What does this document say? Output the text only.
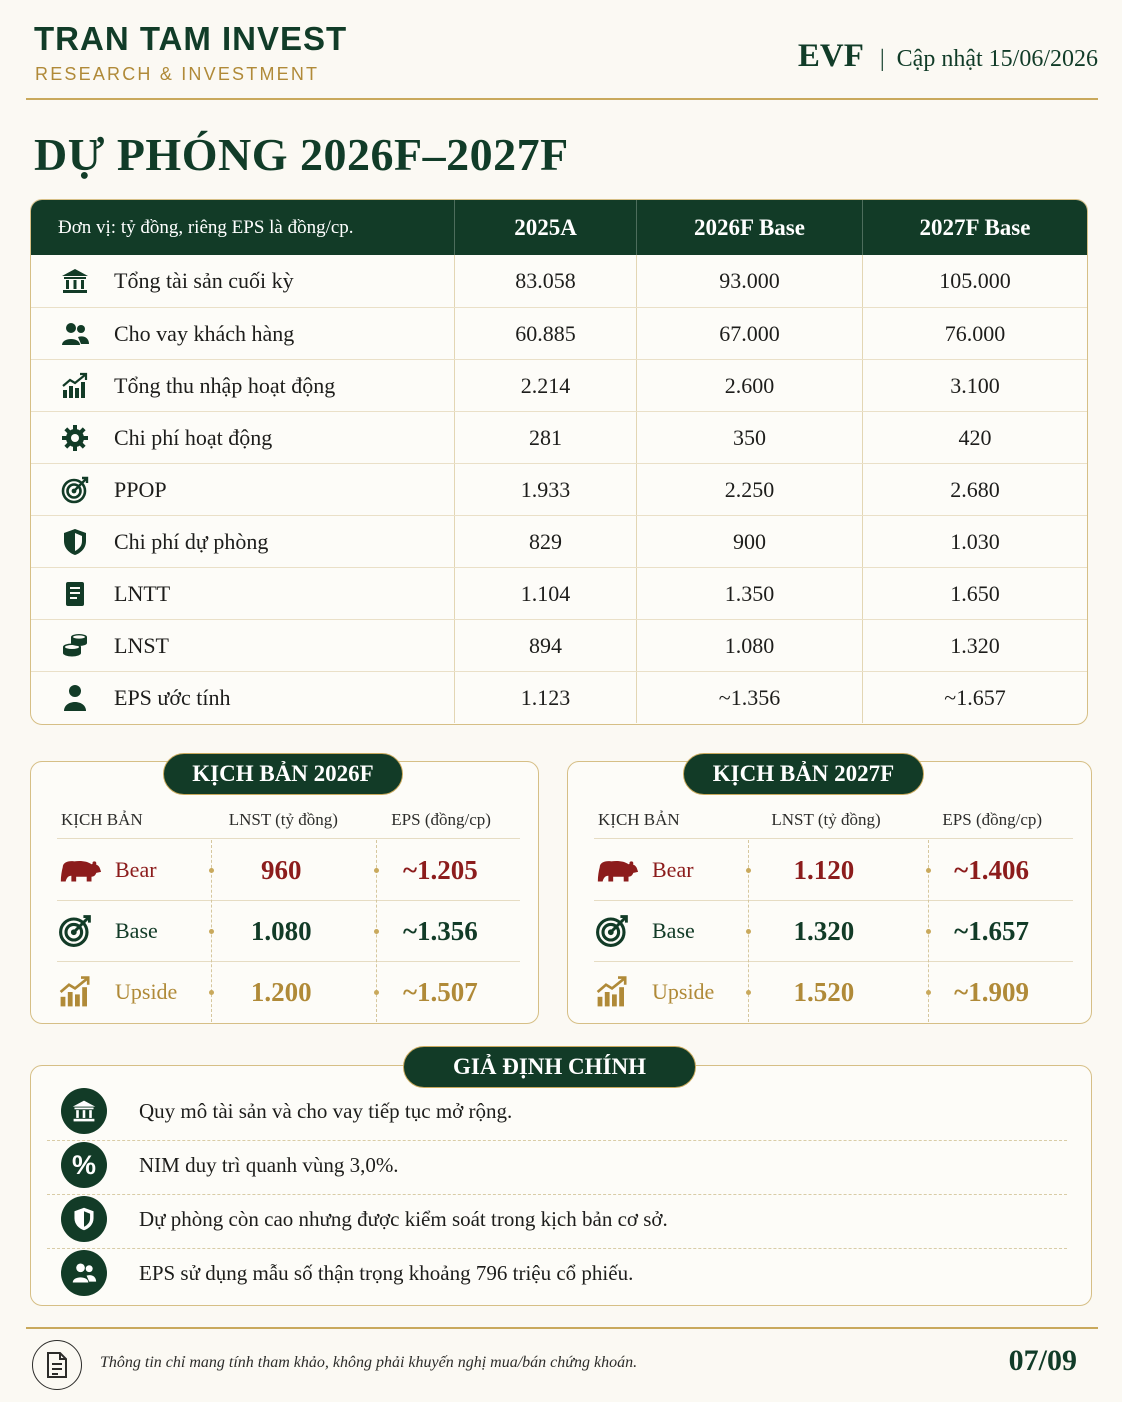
TRAN TAM INVEST
RESEARCH & INVESTMENT	EVF | Cập nhật 15/06/2026
DỰ PHÓNG 2026F–2027F
Đơn vị: tỷ đồng, riêng EPS là đồng/cp.	2025A	2026F Base	2027F Base
Tổng tài sản cuối kỳ	83.058	93.000	105.000
Cho vay khách hàng	60.885	67.000	76.000
Tổng thu nhập hoạt động	2.214	2.600	3.100
Chi phí hoạt động	281	350	420
PPOP	1.933	2.250	2.680
Chi phí dự phòng	829	900	1.030
LNTT	1.104	1.350	1.650
LNST	894	1.080	1.320
EPS ước tính	1.123	~1.356	~1.657
KỊCH BẢN 2026F
KỊCH BẢN	LNST (tỷ đồng)	EPS (đồng/cp)
Bear	960	~1.205
Base	1.080	~1.356
Upside	1.200	~1.507
KỊCH BẢN 2027F
KỊCH BẢN	LNST (tỷ đồng)	EPS (đồng/cp)
Bear	1.120	~1.406
Base	1.320	~1.657
Upside	1.520	~1.909
GIẢ ĐỊNH CHÍNH
Quy mô tài sản và cho vay tiếp tục mở rộng.
% NIM duy trì quanh vùng 3,0%.
Dự phòng còn cao nhưng được kiểm soát trong kịch bản cơ sở.
EPS sử dụng mẫu số thận trọng khoảng 796 triệu cổ phiếu.
Thông tin chỉ mang tính tham khảo, không phải khuyến nghị mua/bán chứng khoán.	07/09
